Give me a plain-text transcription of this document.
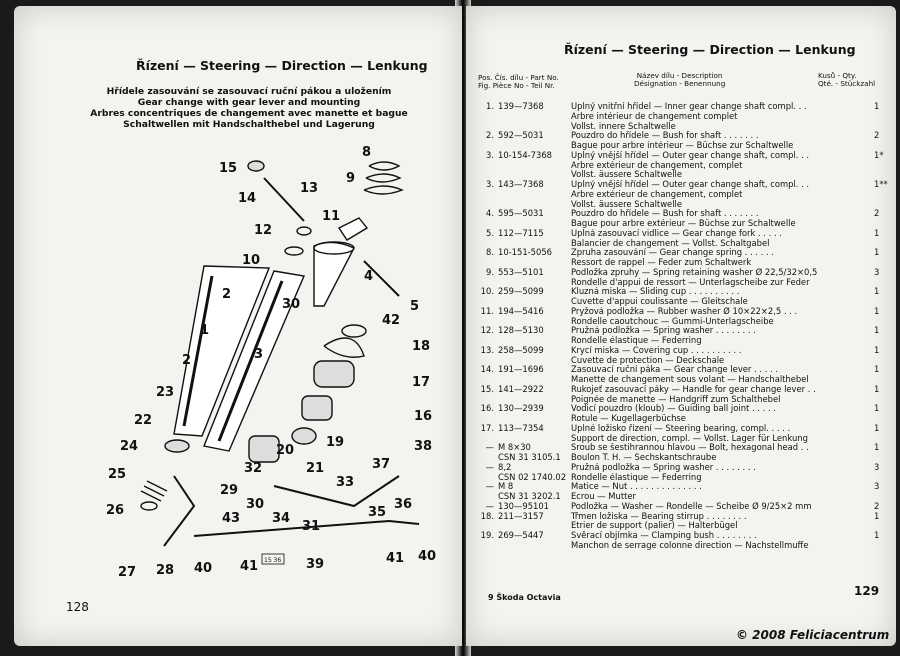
Řízení — Steering — Direction — Lenkung
Hřídele zasouvání se zasouvací ruční pákou a uložením
Gear change with gear lever and mounting
Arbres concentriques de changement avec manette et bague
Schaltwellen mit Handschalthebel und Lagerung
15
14
13
8
9
12
11
10
4
2
30	5
42
18
1
3
17
2
23
16
22
19
24	20	38
25	21
32	37
33
29
26	30
34
36
43	35
31
27 28 40 41	39	41 40
15 36
128
Řízení — Steering — Direction — Lenkung
Pos. Čís. dílu - Part No.
Fig. Pièce No - Teil Nr.
Název dílu - Description
Désignation - Benennung
Kusů - Qty.
Qté. - Stückzahl
1. 139—7368	Úplný vnitřní hřídel — Inner gear change shaft compl. . .	1
Arbre intérieur de changement complet
Vollst. innere Schaltwelle
2. 592—5031	Pouzdro do hřídele — Bush for shaft . . . . . . .	2
Bague pour arbre intérieur — Büchse zur Schaltwelle
3. 10-154-7368	Úplný vnější hřídel — Outer gear change shaft, compl. . .	1*
Arbre extérieur de changement, complet
Vollst. äussere Schaltwelle
3. 143—7368	Úplný vnější hřídel — Outer gear change shaft, compl. . .	1**
Arbre extérieur de changement, complet
Vollst. äussere Schaltwelle
4. 595—5031	Pouzdro do hřídele — Bush for shaft . . . . . . .	2
Bague pour arbre extérieur — Büchse zur Schaltwelle
5. 112—7115	Úplná zasouvací vidlice — Gear change fork . . . . .	1
Balancier de changement — Vollst. Schaltgabel
8. 10-151-5056	Zpruha zasouvání — Gear change spring . . . . . .	1
Ressort de rappel — Feder zum Schaltwerk
9. 553—5101	Podložka zpruhy — Spring retaining washer Ø 22,5/32×0,5	3
Rondelle d'appui de ressort — Unterlagscheibe zur Feder
10. 259—5099	Kluzná miska — Sliding cup . . . . . . . . . .	1
Cuvette d'appui coulissante — Gleitschale
11. 194—5416	Pryžová podložka — Rubber washer Ø 10×22×2,5 . . .	1
Rondelle caoutchouc — Gummi-Unterlagscheibe
12. 128—5130	Pružná podložka — Spring washer . . . . . . . .	1
Rondelle élastique — Federring
13. 258—5099	Krycí miska — Covering cup . . . . . . . . . .	1
Cuvette de protection — Deckschale
14. 191—1696	Zasouvací ruční páka — Gear change lever . . . . .	1
Manette de changement sous volant — Handschalthebel
15. 141—2922	Rukojeť zasouvací páky — Handle for gear change lever . .	1
Poignée de manette — Handgriff zum Schalthebel
16. 130—2939	Vodicí pouzdro (kloub) — Guiding ball joint . . . . .	1
Rotule — Kugellagerbüchse
17. 113—7354	Úplné ložisko řízení — Steering bearing, compl. . . . .	1
Support de direction, compl. — Vollst. Lager für Lenkung
— M 8×30	Šroub se šestihrannou hlavou — Bolt, hexagonal head . .	1
ČSN 31 3105.1	Boulon T. H. — Sechskantschraube
— 8,2	Pružná podložka — Spring washer . . . . . . . .	3
ČSN 02 1740.02 Rondelle élastique — Federring
— M 8	Matice — Nut . . . . . . . . . . . . . .	3
ČSN 31 3202.1	Ecrou — Mutter
— 130—95101	Podložka — Washer — Rondelle — Scheibe Ø 9/25×2 mm	2
18. 211—3157	Třmen ložiska — Bearing stirrup . . . . . . . .	1
Etrier de support (palier) — Halterbügel
19. 269—5447	Svěrací objímka — Clamping bush . . . . . . . .	1
Manchon de serrage colonne direction — Nachstellmuffe
9 Škoda Octavia	129
© 2008 Feliciacentrum
